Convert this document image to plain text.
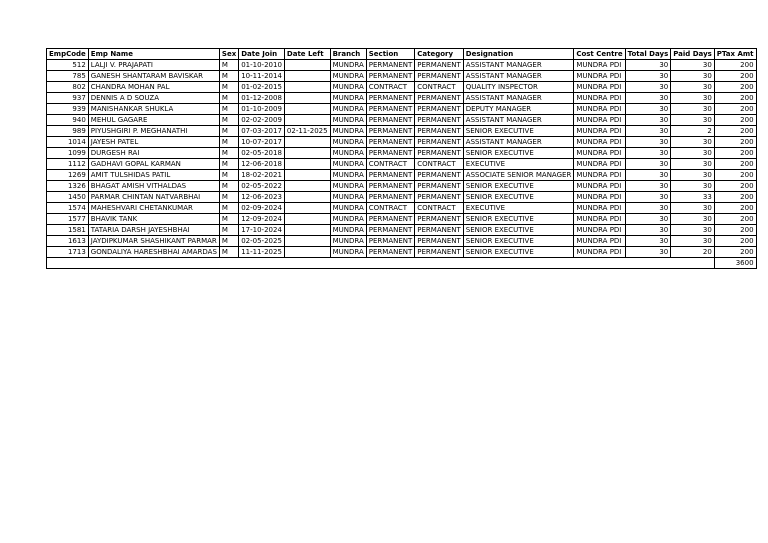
EmpCode	Emp Name	Sex	Date Join	Date Left	Branch	Section	Category	Designation	Cost Centre	Total Days	Paid Days	PTax Amt
512	LALJI V. PRAJAPATI	M	01-10-2010		MUNDRA	PERMANENT	PERMANENT	ASSISTANT MANAGER	MUNDRA PDI	30	30	200
785	GANESH SHANTARAM BAVISKAR	M	10-11-2014		MUNDRA	PERMANENT	PERMANENT	ASSISTANT MANAGER	MUNDRA PDI	30	30	200
802	CHANDRA MOHAN PAL	M	01-02-2015		MUNDRA	CONTRACT	CONTRACT	QUALITY INSPECTOR	MUNDRA PDI	30	30	200
937	DENNIS A D SOUZA	M	01-12-2008		MUNDRA	PERMANENT	PERMANENT	ASSISTANT MANAGER	MUNDRA PDI	30	30	200
939	MANISHANKAR SHUKLA	M	01-10-2009		MUNDRA	PERMANENT	PERMANENT	DEPUTY MANAGER	MUNDRA PDI	30	30	200
940	MEHUL GAGARE	M	02-02-2009		MUNDRA	PERMANENT	PERMANENT	ASSISTANT MANAGER	MUNDRA PDI	30	30	200
989	PIYUSHGIRI P. MEGHANATHI	M	07-03-2017	02-11-2025	MUNDRA	PERMANENT	PERMANENT	SENIOR EXECUTIVE	MUNDRA PDI	30	2	200
1014	JAYESH PATEL	M	10-07-2017		MUNDRA	PERMANENT	PERMANENT	ASSISTANT MANAGER	MUNDRA PDI	30	30	200
1099	DURGESH RAI	M	02-05-2018		MUNDRA	PERMANENT	PERMANENT	SENIOR EXECUTIVE	MUNDRA PDI	30	30	200
1112	GADHAVI GOPAL KARMAN	M	12-06-2018		MUNDRA	CONTRACT	CONTRACT	EXECUTIVE	MUNDRA PDI	30	30	200
1269	AMIT TULSHIDAS PATIL	M	18-02-2021		MUNDRA	PERMANENT	PERMANENT	ASSOCIATE SENIOR MANAGER	MUNDRA PDI	30	30	200
1326	BHAGAT AMISH VITHALDAS	M	02-05-2022		MUNDRA	PERMANENT	PERMANENT	SENIOR EXECUTIVE	MUNDRA PDI	30	30	200
1450	PARMAR CHINTAN NATVARBHAI	M	12-06-2023		MUNDRA	PERMANENT	PERMANENT	SENIOR EXECUTIVE	MUNDRA PDI	30	33	200
1574	MAHESHVARI CHETANKUMAR	M	02-09-2024		MUNDRA	CONTRACT	CONTRACT	EXECUTIVE	MUNDRA PDI	30	30	200
1577	BHAVIK TANK	M	12-09-2024		MUNDRA	PERMANENT	PERMANENT	SENIOR EXECUTIVE	MUNDRA PDI	30	30	200
1581	TATARIA DARSH JAYESHBHAI	M	17-10-2024		MUNDRA	PERMANENT	PERMANENT	SENIOR EXECUTIVE	MUNDRA PDI	30	30	200
1613	JAYDIPKUMAR SHASHIKANT PARMAR	M	02-05-2025		MUNDRA	PERMANENT	PERMANENT	SENIOR EXECUTIVE	MUNDRA PDI	30	30	200
1713	GONDALIYA HARESHBHAI AMARDAS	M	11-11-2025		MUNDRA	PERMANENT	PERMANENT	SENIOR EXECUTIVE	MUNDRA PDI	30	20	200
												3600
